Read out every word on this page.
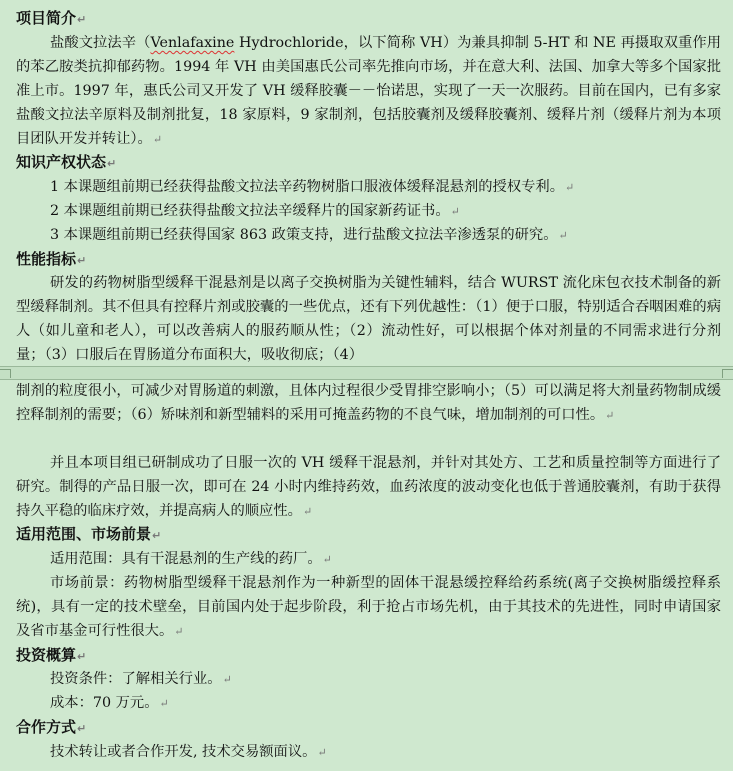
项目简介↵
盐酸文拉法辛（Venlafaxine Hydrochloride，以下简称 VH）为兼具抑制 5-HT 和 NE 再摄取双重作用的苯乙胺类抗抑郁药物。1994 年 VH 由美国惠氏公司率先推向市场，并在意大利、法国、加拿大等多个国家批准上市。1997 年，惠氏公司又开发了 VH 缓释胶囊－－怡诺思，实现了一天一次服药。目前在国内，已有多家盐酸文拉法辛原料及制剂批复，18 家原料，9 家制剂，包括胶囊剂及缓释胶囊剂、缓释片剂（缓释片剂为本项目团队开发并转让）。↵
知识产权状态↵
1 本课题组前期已经获得盐酸文拉法辛药物树脂口服液体缓释混悬剂的授权专利。↵
2 本课题组前期已经获得盐酸文拉法辛缓释片的国家新药证书。↵
3 本课题组前期已经获得国家 863 政策支持，进行盐酸文拉法辛渗透泵的研究。↵
性能指标↵
研发的药物树脂型缓释干混悬剂是以离子交换树脂为关键性辅料，结合 WURST 流化床包衣技术制备的新型缓释制剂。其不但具有控释片剂或胶囊的一些优点，还有下列优越性：（1）便于口服，特别适合吞咽困难的病人（如儿童和老人），可以改善病人的服药顺从性；（2）流动性好，可以根据个体对剂量的不同需求进行分剂量；（3）口服后在胃肠道分布面积大，吸收彻底；（4）
制剂的粒度很小，可减少对胃肠道的刺激，且体内过程很少受胃排空影响小；（5）可以满足将大剂量药物制成缓控释制剂的需要；（6）矫味剂和新型辅料的采用可掩盖药物的不良气味，增加制剂的可口性。↵
并且本项目组已研制成功了日服一次的 VH 缓释干混悬剂，并针对其处方、工艺和质量控制等方面进行了研究。制得的产品日服一次，即可在 24 小时内维持药效，血药浓度的波动变化也低于普通胶囊剂，有助于获得持久平稳的临床疗效，并提高病人的顺应性。↵
适用范围、市场前景↵
适用范围：具有干混悬剂的生产线的药厂。↵
市场前景：药物树脂型缓释干混悬剂作为一种新型的固体干混悬缓控释给药系统(离子交换树脂缓控释系统)，具有一定的技术壁垒，目前国内处于起步阶段，利于抢占市场先机，由于其技术的先进性，同时申请国家及省市基金可行性很大。↵
投资概算↵
投资条件：了解相关行业。↵
成本：70 万元。↵
合作方式↵
技术转让或者合作开发, 技术交易额面议。↵
